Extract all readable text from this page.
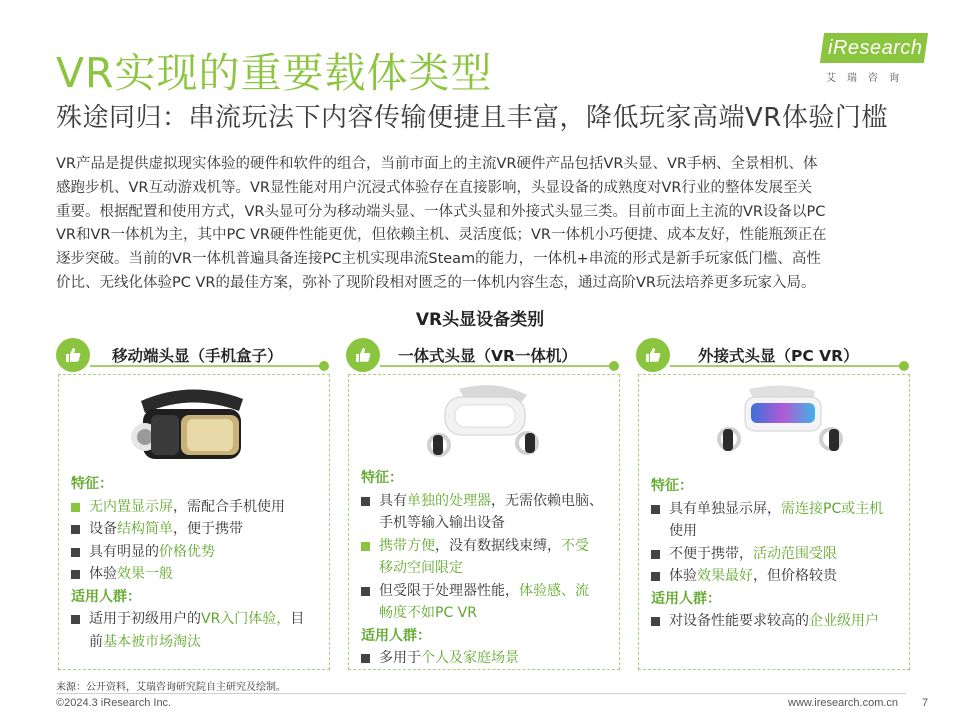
VR实现的重要载体类型
殊途同归：串流玩法下内容传输便捷且丰富，降低玩家高端VR体验门槛
iResearch
艾瑞咨询
VR产品是提供虚拟现实体验的硬件和软件的组合，当前市面上的主流VR硬件产品包括VR头显、VR手柄、全景相机、体
感跑步机、VR互动游戏机等。VR显性能对用户沉浸式体验存在直接影响，头显设备的成熟度对VR行业的整体发展至关
重要。根据配置和使用方式，VR头显可分为移动端头显、一体式头显和外接式头显三类。目前市面上主流的VR设备以PC
VR和VR一体机为主，其中PC VR硬件性能更优，但依赖主机、灵活度低；VR一体机小巧便捷、成本友好，性能瓶颈正在
逐步突破。当前的VR一体机普遍具备连接PC主机实现串流Steam的能力，一体机+串流的形式是新手玩家低门槛、高性
价比、无线化体验PC VR的最佳方案，弥补了现阶段相对匮乏的一体机内容生态，通过高阶VR玩法培养更多玩家入局。
VR头显设备类别
移动端头显（手机盒子）	一体式头显（VR一体机）	外接式头显（PC VR）
特征：
无内置显示屏，需配合手机使用
设备结构简单，便于携带
具有明显的价格优势
体验效果一般
适用人群：
适用于初级用户的VR入门体验，目
前基本被市场淘汰
特征：
具有单独的处理器，无需依赖电脑、
手机等输入输出设备
携带方便，没有数据线束缚，不受
移动空间限定
但受限于处理器性能，体验感、流
畅度不如PC VR
适用人群：
多用于个人及家庭场景
特征：
具有单独显示屏，需连接PC或主机
使用
不便于携带，活动范围受限
体验效果最好，但价格较贵
适用人群：
对设备性能要求较高的企业级用户
来源：公开资料，艾瑞咨询研究院自主研究及绘制。
©2024.3 iResearch Inc.	www.iresearch.com.cn 7
